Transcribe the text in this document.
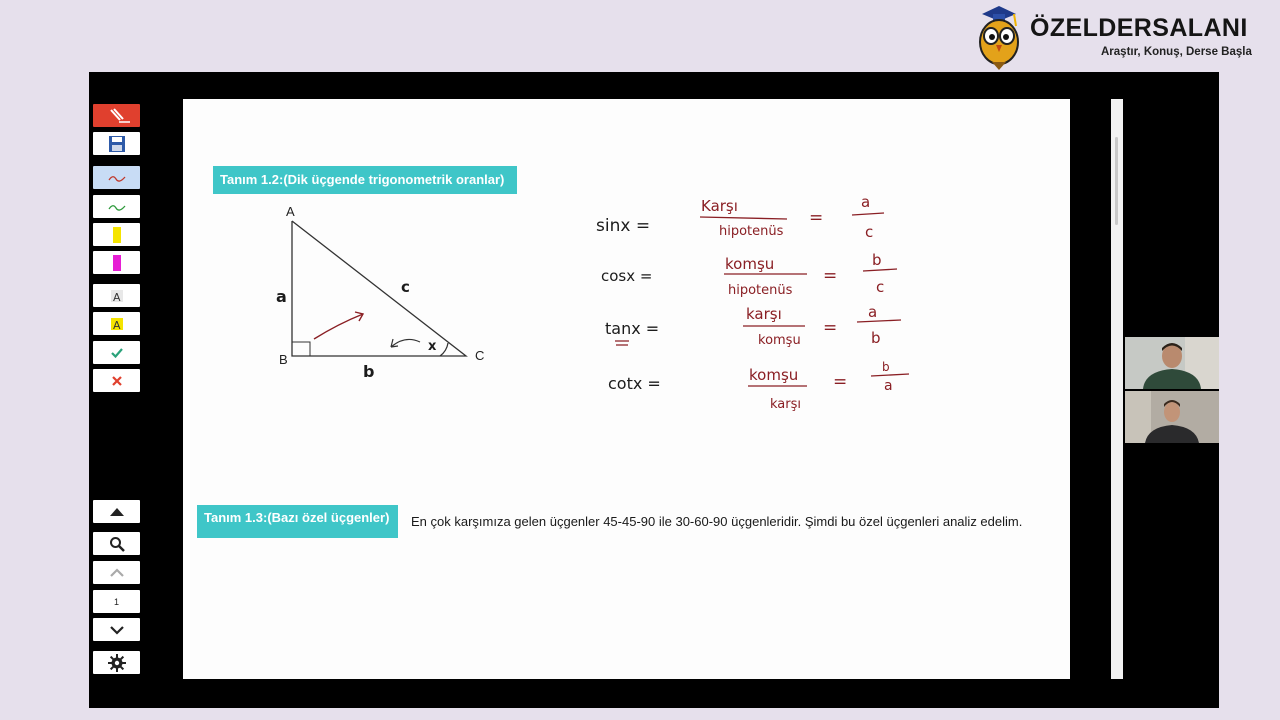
ÖZELDERSALANI
Araştır, Konuş, Derse Başla
A
A
1
Tanım 1.2:(Dik üçgende trigonometrik oranlar)
Tanım 1.3:(Bazı özel üçgenler)	En çok karşımıza gelen üçgenler 45-45-90 ile 30-60-90 üçgenleridir. Şimdi bu özel üçgenleri analiz edelim.
A
B	C
a
b
c
x
sinx =
Karşı
hipotenüs
=
a
c
cosx =
komşu
hipotenüs
=
b
c
tanx =
karşı
komşu
=
a
b
cotx =	komşu
karşı
=
b
a
